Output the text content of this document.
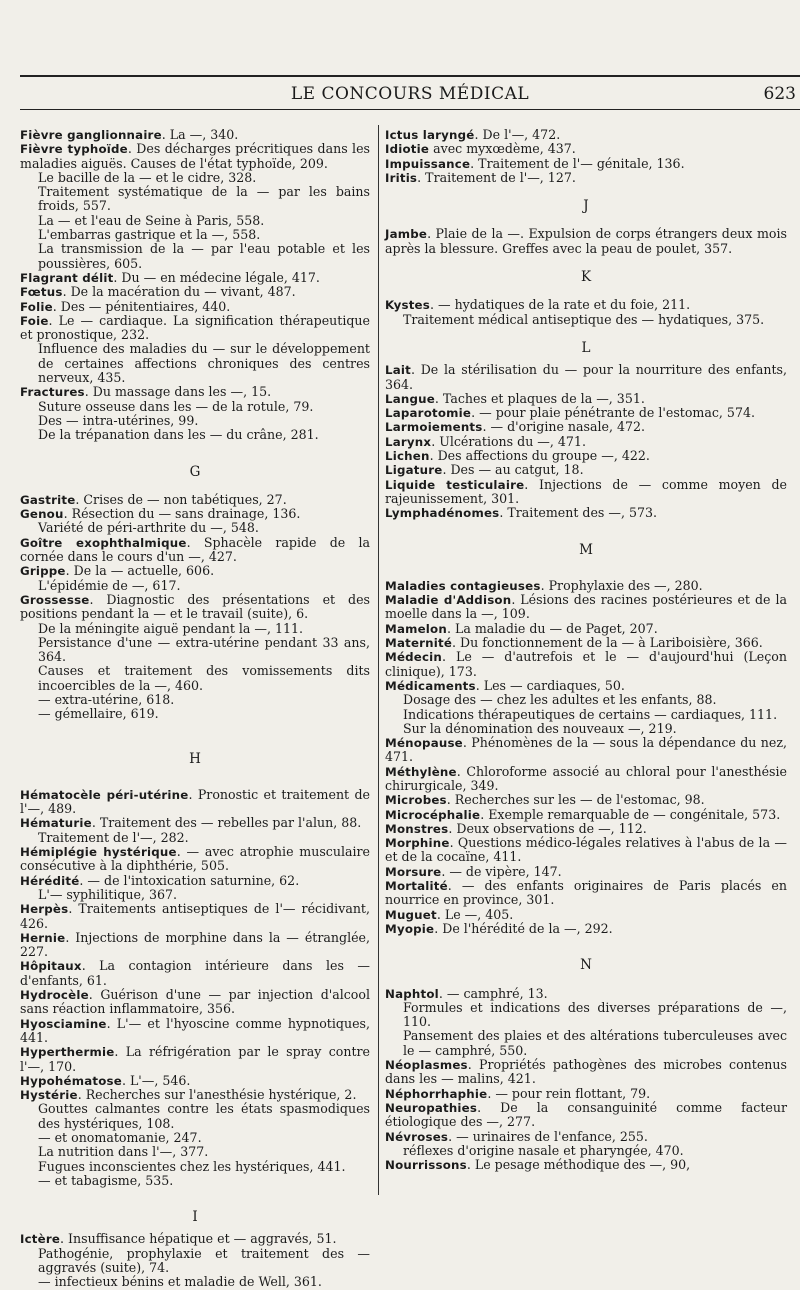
LE CONCOURS MÉDICAL	623

Fièvre ganglionnaire. La —, 340.

Fièvre typhoïde. Des décharges précritiques dans les maladies aiguës. Causes de l'état typhoïde, 209.

Le bacille de la — et le cidre, 328.

Traitement systématique de la — par les bains froids, 557.

La — et l'eau de Seine à Paris, 558.

L'embarras gastrique et la —, 558.

La transmission de la — par l'eau potable et les poussières, 605.

Flagrant délit. Du — en médecine légale, 417.

Fœtus. De la macération du — vivant, 487.

Folie. Des — pénitentiaires, 440.

Foie. Le — cardiaque. La signification thérapeutique et pronostique, 232.

Influence des maladies du — sur le développement de certaines affections chroniques des centres nerveux, 435.

Fractures. Du massage dans les —, 15.

Suture osseuse dans les — de la rotule, 79.

Des — intra-utérines, 99.

De la trépanation dans les — du crâne, 281.

G

Gastrite. Crises de — non tabétiques, 27.

Genou. Résection du — sans drainage, 136.

Variété de péri-arthrite du —, 548.

Goître exophthalmique. Sphacèle rapide de la cornée dans le cours d'un —, 427.

Grippe. De la — actuelle, 606.

L'épidémie de —, 617.

Grossesse. Diagnostic des présentations et des positions pendant la — et le travail (suite), 6.

De la méningite aiguë pendant la —, 111.

Persistance d'une — extra-utérine pendant 33 ans, 364.

Causes et traitement des vomissements dits incoercibles de la —, 460.

— extra-utérine, 618.

— gémellaire, 619.

H

Hématocèle péri-utérine. Pronostic et traitement de l'—, 489.

Hématurie. Traitement des — rebelles par l'alun, 88.

Traitement de l'—, 282.

Hémiplégie hystérique. — avec atrophie musculaire consécutive à la diphthérie, 505.

Hérédité. — de l'intoxication saturnine, 62.

L'— syphilitique, 367.

Herpès. Traitements antiseptiques de l'— récidivant, 426.

Hernie. Injections de morphine dans la — étranglée, 227.

Hôpitaux. La contagion intérieure dans les — d'enfants, 61.

Hydrocèle. Guérison d'une — par injection d'alcool sans réaction inflammatoire, 356.

Hyosciamine. L'— et l'hyoscine comme hypnotiques, 441.

Hyperthermie. La réfrigération par le spray contre l'—, 170.

Hypohématose. L'—, 546.

Hystérie. Recherches sur l'anesthésie hystérique, 2.

Gouttes calmantes contre les états spasmodiques des hystériques, 108.

— et onomatomanie, 247.

La nutrition dans l'—, 377.

Fugues inconscientes chez les hystériques, 441.

— et tabagisme, 535.

I

Ictère. Insuffisance hépatique et — aggravés, 51.

Pathogénie, prophylaxie et traitement des — aggravés (suite), 74.

— infectieux bénins et maladie de Well, 361.

Ictus laryngé. De l'—, 472.

Idiotie avec myxœdème, 437.

Impuissance. Traitement de l'— génitale, 136.

Iritis. Traitement de l'—, 127.

J

Jambe. Plaie de la —. Expulsion de corps étrangers deux mois après la blessure. Greffes avec la peau de poulet, 357.

K

Kystes. — hydatiques de la rate et du foie, 211.

Traitement médical antiseptique des — hydatiques, 375.

L

Lait. De la stérilisation du — pour la nourriture des enfants, 364.

Langue. Taches et plaques de la —, 351.

Laparotomie. — pour plaie pénétrante de l'estomac, 574.

Larmoiements. — d'origine nasale, 472.

Larynx. Ulcérations du —, 471.

Lichen. Des affections du groupe —, 422.

Ligature. Des — au catgut, 18.

Liquide testiculaire. Injections de — comme moyen de rajeunissement, 301.

Lymphadénomes. Traitement des —, 573.

M

Maladies contagieuses. Prophylaxie des —, 280.

Maladie d'Addison. Lésions des racines postérieures et de la moelle dans la —, 109.

Mamelon. La maladie du — de Paget, 207.

Maternité. Du fonctionnement de la — à Lariboisière, 366.

Médecin. Le — d'autrefois et le — d'aujourd'hui (Leçon clinique), 173.

Médicaments. Les — cardiaques, 50.

Dosage des — chez les adultes et les enfants, 88.

Indications thérapeutiques de certains — cardiaques, 111.

Sur la dénomination des nouveaux —, 219.

Ménopause. Phénomènes de la — sous la dépendance du nez, 471.

Méthylène. Chloroforme associé au chloral pour l'anesthésie chirurgicale, 349.

Microbes. Recherches sur les — de l'estomac, 98.

Microcéphalie. Exemple remarquable de — congénitale, 573.

Monstres. Deux observations de —, 112.

Morphine. Questions médico-légales relatives à l'abus de la — et de la cocaïne, 411.

Morsure. — de vipère, 147.

Mortalité. — des enfants originaires de Paris placés en nourrice en province, 301.

Muguet. Le —, 405.

Myopie. De l'hérédité de la —, 292.

N

Naphtol. — camphré, 13.

Formules et indications des diverses préparations de —, 110.

Pansement des plaies et des altérations tuberculeuses avec le — camphré, 550.

Néoplasmes. Propriétés pathogènes des microbes contenus dans les — malins, 421.

Néphorrhaphie. — pour rein flottant, 79.

Neuropathies. De la consanguinité comme facteur étiologique des —, 277.

Névroses. — urinaires de l'enfance, 255.

réflexes d'origine nasale et pharyngée, 470.

Nourrissons. Le pesage méthodique des —, 90,
